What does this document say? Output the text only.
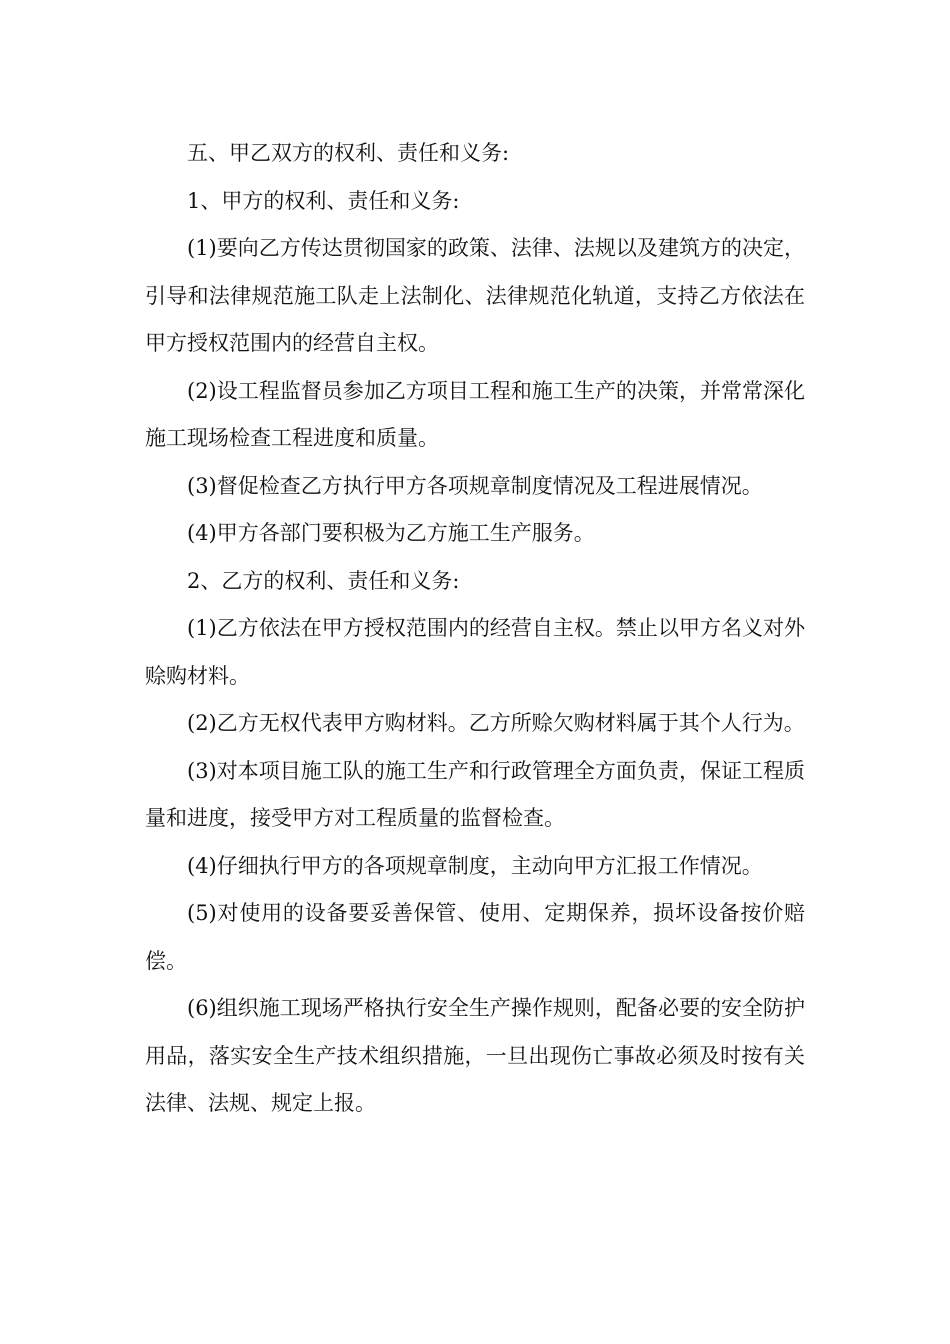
五、甲乙双方的权利、责任和义务:

1、甲方的权利、责任和义务:

(1)要向乙方传达贯彻国家的政策、法律、法规以及建筑方的决定，引导和法律规范施工队走上法制化、法律规范化轨道，支持乙方依法在甲方授权范围内的经营自主权。

(2)设工程监督员参加乙方项目工程和施工生产的决策，并常常深化施工现场检查工程进度和质量。

(3)督促检查乙方执行甲方各项规章制度情况及工程进展情况。

(4)甲方各部门要积极为乙方施工生产服务。

2、乙方的权利、责任和义务:

(1)乙方依法在甲方授权范围内的经营自主权。禁止以甲方名义对外赊购材料。

(2)乙方无权代表甲方购材料。乙方所赊欠购材料属于其个人行为。

(3)对本项目施工队的施工生产和行政管理全方面负责，保证工程质量和进度，接受甲方对工程质量的监督检查。

(4)仔细执行甲方的各项规章制度，主动向甲方汇报工作情况。

(5)对使用的设备要妥善保管、使用、定期保养，损坏设备按价赔偿。

(6)组织施工现场严格执行安全生产操作规则，配备必要的安全防护用品，落实安全生产技术组织措施，一旦出现伤亡事故必须及时按有关法律、法规、规定上报。
